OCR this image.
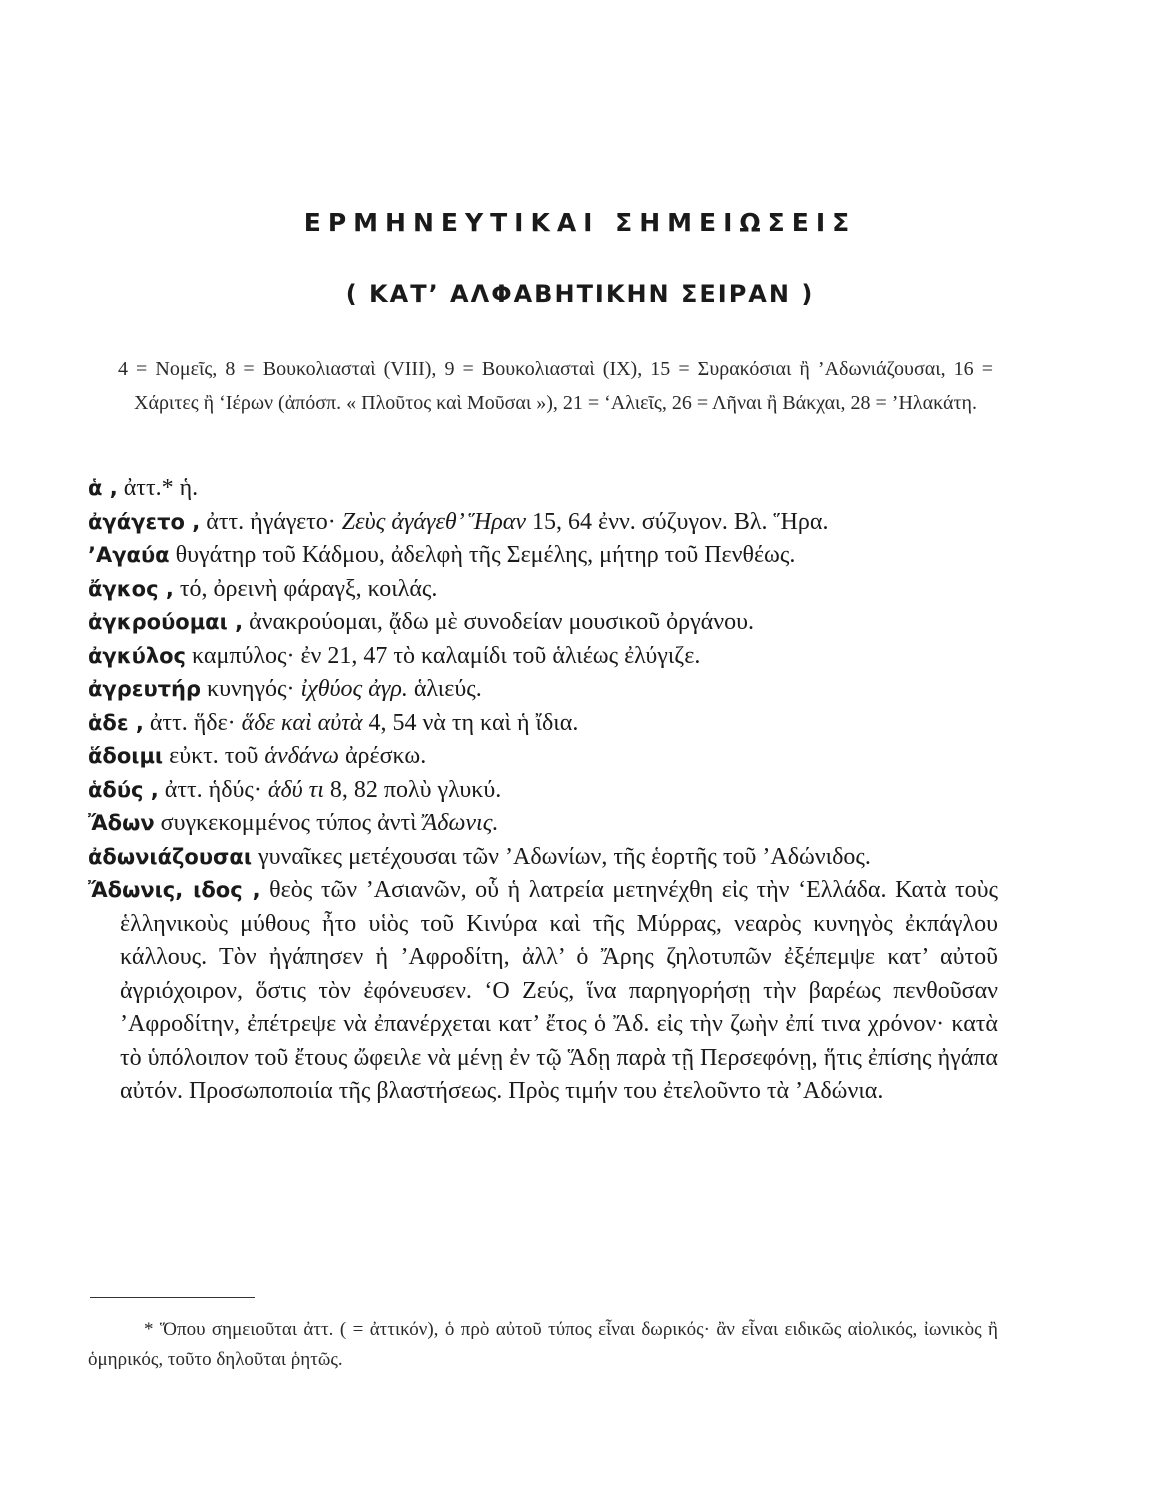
ΕΡΜΗΝΕΥΤΙΚΑΙ ΣΗΜΕΙΩΣΕΙΣ
( ΚΑΤ’ ΑΛΦΑΒΗΤΙΚΗΝ ΣΕΙΡΑΝ )
4 = Νομεῖς, 8 = Βουκολιασταὶ (VIII), 9 = Βουκολιασταὶ (IX), 15 = Συρακόσιαι ἢ ’Αδωνιάζουσαι, 16 = Χάριτες ἢ ‘Ιέρων (ἀπόσπ. « Πλοῦτος καὶ Μοῦσαι »), 21 = ‘Αλιεῖς, 26 = Λῆναι ἢ Βάκχαι, 28 = ’Ηλακάτη.
ἁ , ἀττ.* ἡ.
ἀγάγετο , ἀττ. ἠγάγετο· Ζεὺς ἀγάγεθ’ Ἥραν 15, 64 ἐνν. σύζυγον. Βλ. Ἥρα.
’Αγαύα θυγάτηρ τοῦ Κάδμου, ἀδελφὴ τῆς Σεμέλης, μήτηρ τοῦ Πενθέως.
ἄγκος , τό, ὀρεινὴ φάραγξ, κοιλάς.
ἀγκρούομαι , ἀνακρούομαι, ᾄδω μὲ συνοδείαν μουσικοῦ ὀργάνου.
ἀγκύλος καμπύλος· ἐν 21, 47 τὸ καλαμίδι τοῦ ἁλιέως ἐλύγιζε.
ἀγρευτήρ κυνηγός· ἰχθύος ἀγρ. ἁλιεύς.
ἁδε , ἀττ. ἥδε· ἅδε καὶ αὐτὰ 4, 54 νὰ τη καὶ ἡ ἴδια.
ἅδοιμι εὐκτ. τοῦ ἁνδάνω ἀρέσκω.
ἁδύς , ἀττ. ἡδύς· ἁδύ τι 8, 82 πολὺ γλυκύ.
Ἄδων συγκεκομμένος τύπος ἀντὶ Ἄδωνις.
ἀδωνιάζουσαι γυναῖκες μετέχουσαι τῶν ’Αδωνίων, τῆς ἑορτῆς τοῦ ’Αδώνιδος.
Ἄδωνις, ιδος , θεὸς τῶν ’Ασιανῶν, οὗ ἡ λατρεία μετηνέχθη εἰς τὴν ‘Ελλάδα. Κατὰ τοὺς ἑλληνικοὺς μύθους ἦτο υἱὸς τοῦ Κινύρα καὶ τῆς Μύρρας, νεαρὸς κυνηγὸς ἐκπάγλου κάλλους. Τὸν ἠγάπησεν ἡ ’Αφροδίτη, ἀλλ’ ὁ Ἄρης ζηλοτυπῶν ἐξέπεμψε κατ’ αὐτοῦ ἀγριόχοιρον, ὅστις τὸν ἐφόνευσεν. ‘Ο Ζεύς, ἵνα παρηγορήσῃ τὴν βαρέως πενθοῦσαν ’Αφροδίτην, ἐπέτρεψε νὰ ἐπανέρχεται κατ’ ἔτος ὁ Ἄδ. εἰς τὴν ζωὴν ἐπί τινα χρόνον· κατὰ τὸ ὑπόλοιπον τοῦ ἔτους ὤφειλε νὰ μένῃ ἐν τῷ Ἅδῃ παρὰ τῇ Περσεφόνῃ, ἥτις ἐπίσης ἠγάπα αὐτόν. Προσωποποιία τῆς βλαστήσεως. Πρὸς τιμήν του ἐτελοῦντο τὰ ’Αδώνια.
* Ὅπου σημειοῦται ἀττ. ( = ἀττικόν), ὁ πρὸ αὐτοῦ τύπος εἶναι δωρικός· ἂν εἶναι ειδικῶς αἰολικός, ἰωνικὸς ἢ ὁμηρικός, τοῦτο δηλοῦται ῥητῶς.
